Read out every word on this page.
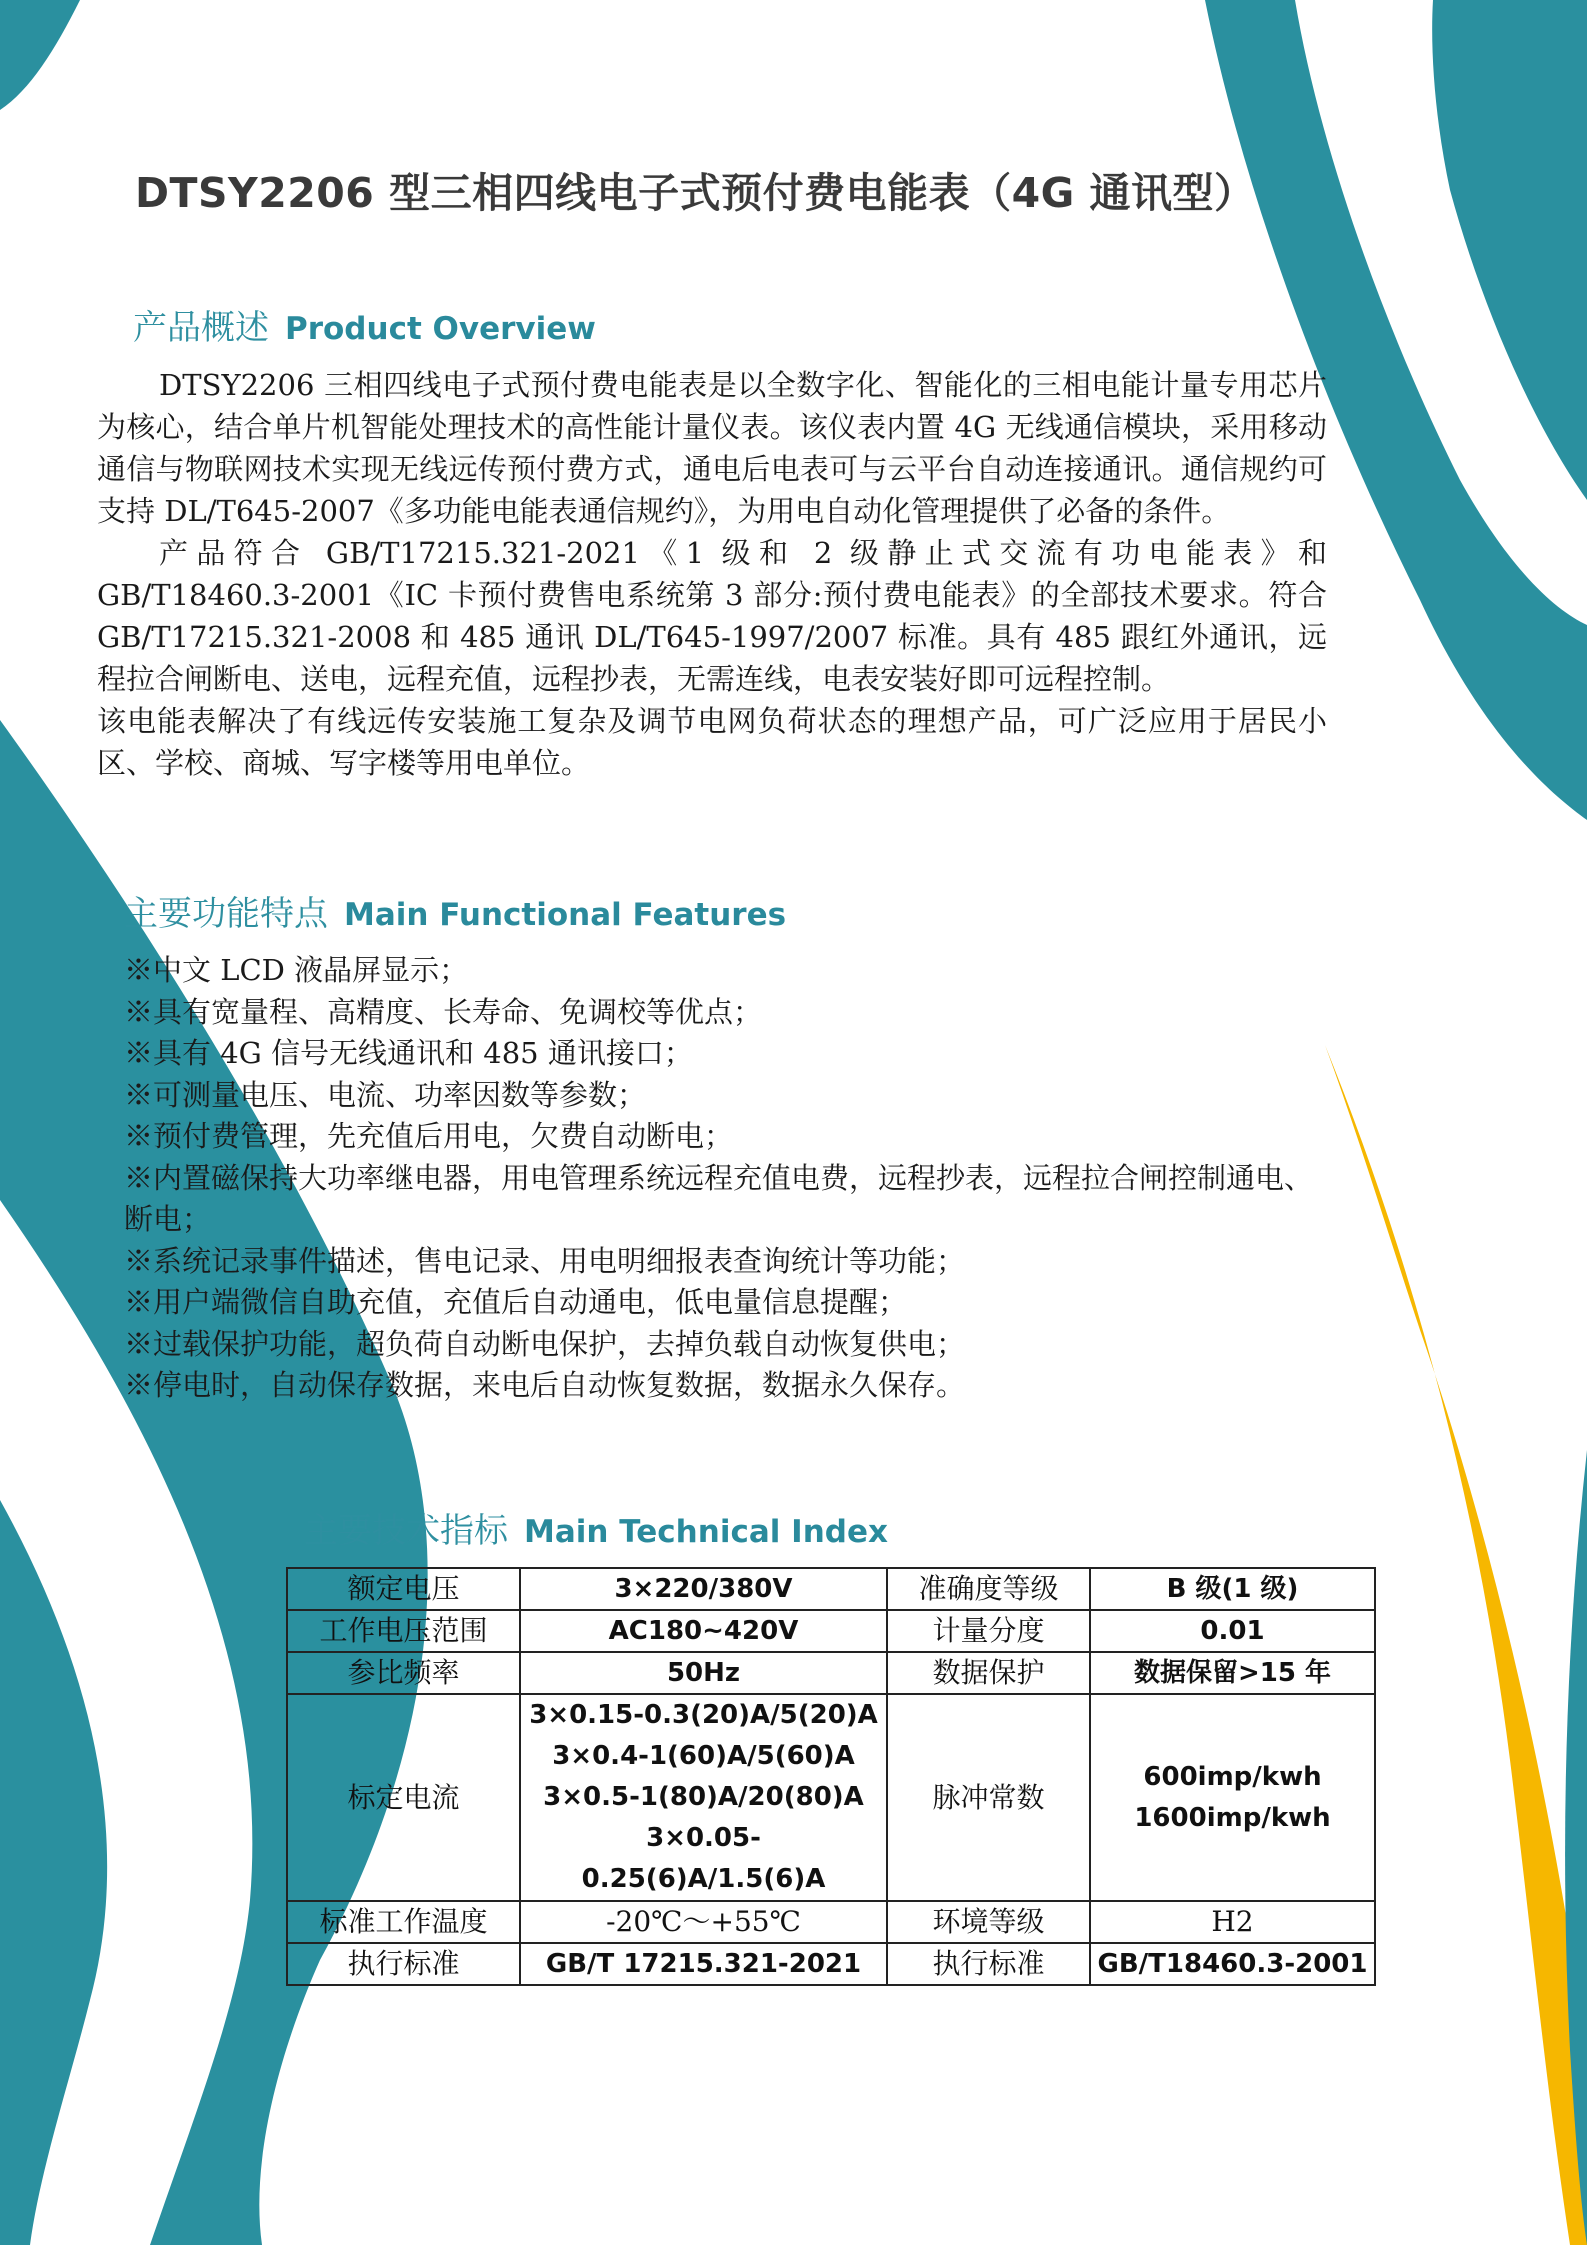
DTSY2206 型三相四线电子式预付费电能表（4G 通讯型）
产品概述 Product Overview

DTSY2206 三相四线电子式预付费电能表是以全数字化、智能化的三相电能计量专用芯片为核心，结合单片机智能处理技术的高性能计量仪表。该仪表内置 4G 无线通信模块，采用移动通信与物联网技术实现无线远传预付费方式，通电后电表可与云平台自动连接通讯。通信规约可支持 DL/T645-2007《多功能电能表通信规约》，为用电自动化管理提供了必备的条件。

产品符合 GB/T17215.321-2021《1 级和 2 级静止式交流有功电能表》和 GB/T18460.3-2001《IC 卡预付费售电系统第 3 部分:预付费电能表》的全部技术要求。符合 GB/T17215.321-2008 和 485 通讯 DL/T645-1997/2007 标准。具有 485 跟红外通讯，远程拉合闸断电、送电，远程充值，远程抄表，无需连线，电表安装好即可远程控制。

该电能表解决了有线远传安装施工复杂及调节电网负荷状态的理想产品，可广泛应用于居民小区、学校、商城、写字楼等用电单位。

主要功能特点 Main Functional Features
※中文 LCD 液晶屏显示；
※具有宽量程、高精度、长寿命、免调校等优点；
※具有 4G 信号无线通讯和 485 通讯接口；
※可测量电压、电流、功率因数等参数；
※预付费管理，先充值后用电，欠费自动断电；
※内置磁保持大功率继电器，用电管理系统远程充值电费，远程抄表，远程拉合闸控制通电、断电；
※系统记录事件描述，售电记录、用电明细报表查询统计等功能；
※用户端微信自助充值，充值后自动通电，低电量信息提醒；
※过载保护功能，超负荷自动断电保护，去掉负载自动恢复供电；
※停电时，自动保存数据，来电后自动恢复数据，数据永久保存。
主要技术指标 Main Technical Index
额定电压	3×220/380V	准确度等级	B 级(1 级)
工作电压范围	AC180~420V	计量分度	0.01
参比频率	50Hz	数据保护	数据保留>15 年
标定电流	3×0.15-0.3(20)A/5(20)A
3×0.4-1(60)A/5(60)A
3×0.5-1(80)A/20(80)A
3×0.05-0.25(6)A/1.5(6)A	脉冲常数	600imp/kwh
1600imp/kwh

标准工作温度	-20℃～+55℃	环境等级	H2
执行标准	GB/T 17215.321-2021	执行标准	GB/T18460.3-2001
